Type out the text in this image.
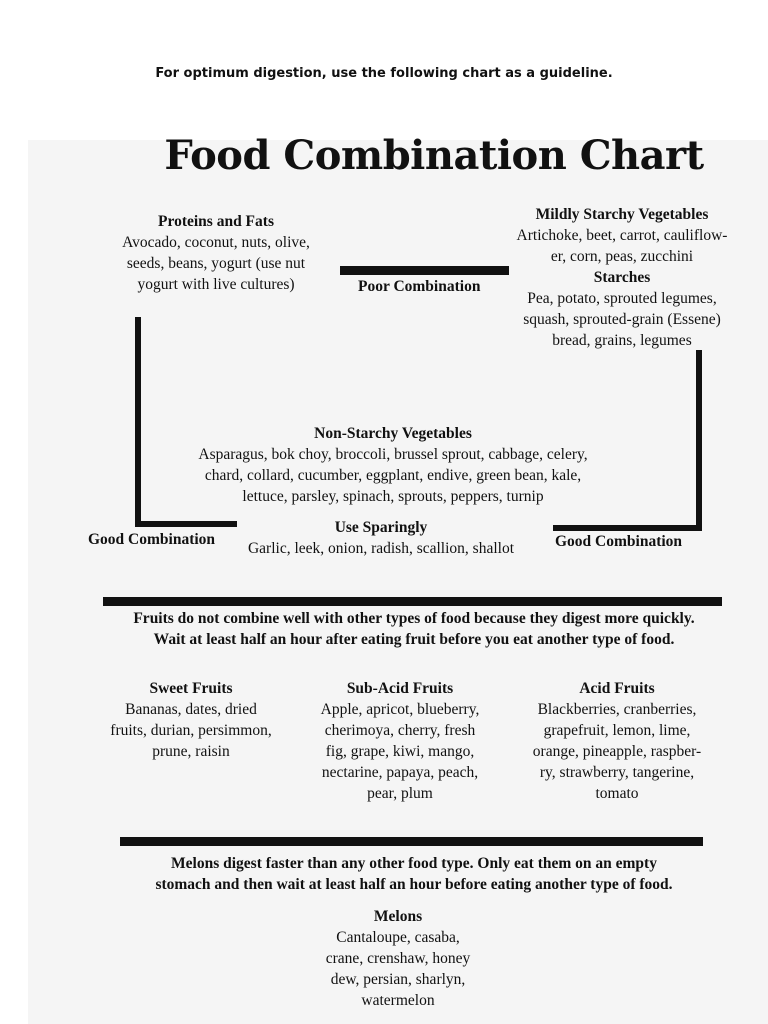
For optimum digestion, use the following chart as a guideline.
Food Combination Chart
Proteins and Fats
Avocado, coconut, nuts, olive,
seeds, beans, yogurt (use nut
yogurt with live cultures)
Mildly Starchy Vegetables
Artichoke, beet, carrot, cauliflow-
er, corn, peas, zucchini
Starches
Pea, potato, sprouted legumes,
squash, sprouted-grain (Essene)
bread, grains, legumes
Poor Combination
Good Combination	Good Combination
Non-Starchy Vegetables
Asparagus, bok choy, broccoli, brussel sprout, cabbage, celery,
chard, collard, cucumber, eggplant, endive, green bean, kale,
lettuce, parsley, spinach, sprouts, peppers, turnip
Use Sparingly
Garlic, leek, onion, radish, scallion, shallot
Fruits do not combine well with other types of food because they digest more quickly.
Wait at least half an hour after eating fruit before you eat another type of food.
Sweet Fruits
Bananas, dates, dried
fruits, durian, persimmon,
prune, raisin
Sub-Acid Fruits
Apple, apricot, blueberry,
cherimoya, cherry, fresh
fig, grape, kiwi, mango,
nectarine, papaya, peach,
pear, plum
Acid Fruits
Blackberries, cranberries,
grapefruit, lemon, lime,
orange, pineapple, raspber-
ry, strawberry, tangerine,
tomato
Melons digest faster than any other food type. Only eat them on an empty
stomach and then wait at least half an hour before eating another type of food.
Melons
Cantaloupe, casaba,
crane, crenshaw, honey
dew, persian, sharlyn,
watermelon
